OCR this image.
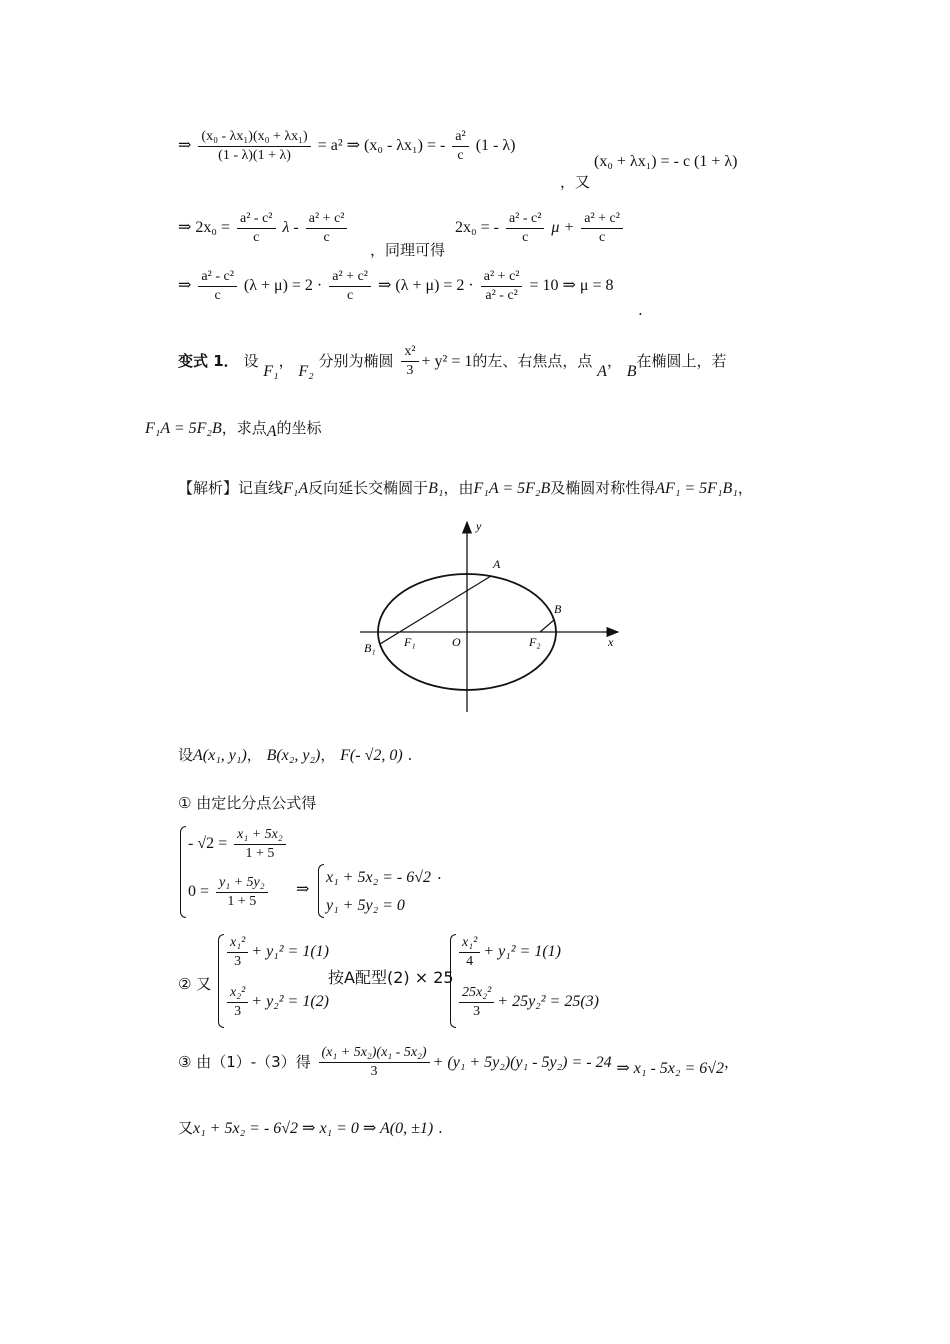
⇒ $\frac{\text{(x₀ - λx₁)(x₀ + λx₁)}}{(1 - \lambda)(1 + \lambda)} = a^2$ ⇒ (x₀ - λx₁) = - $\frac{\text{a²}}{c} (1 - \lambda)$
，又
(x₀ + λx₁) = - c (1 + λ)
⇒ $2x_0 = \frac{\text{a² - c²}}{c}$ λ - $\frac{\text{a² + c²}}{c}$
，同理可得
2x₀ = - $\frac{\text{a² - c²}}{c}$ $\mu + \frac{\text{a² + c²}}{c}$
⇒ $\frac{\text{a² - c²}}{c} (\lambda + \mu) = 2 \cdot \frac{\text{a² + c²}}{c}$ ⇒ $(\lambda + \mu) = 2 \cdot \frac{\text{a² + c²}}{\text{a² - c²}} = 10$ ⇒ μ = 8
.
变式 1． 设 F₁， F₂ 分别为椭圆 $\frac{\text{x²}}{3} + y^2 = 1$的左、右焦点，点 A， B在椭圆上，若
F₁A = 5F₂B，求点A的坐标
【解析】记直线F₁A反向延长交椭圆于B₁，由F₁A = 5F₂B及椭圆对称性得AF₁ = 5F₁B₁，
y
x
A
B
B₁ F₁	O	F₂
设A(x₁, y₁)， B(x₂, y₂)， F(- √2, 0) .
① 由定比分点公式得
- $√2 = \frac{\text{x₁ + 5x₂}}{1 + 5}$
$0 = \frac{\text{y₁ + 5y₂}}{1 + 5}$ ⇒
x₁ + 5x₂ = - 6√2 ·
y₁ + 5y₂ = 0
② 又
$\frac{\text{x₁²}}{3} + y_1^2 = 1(1)$
$\frac{\text{x₂²}}{3} + y_2^2 = 1(2)$
按A配型(2) × 25
$\frac{\text{x₁²}}{4} + y_1^2 = 1(1)$
$\frac{\text{25x₂²}}{3} + 25y_2^2 = 25(3)$
③ 由（1）-（3）得 $\frac{\text{(x₁ + 5x₂)(x₁ - 5x₂)}}{3} + (y_1 + 5y_2)(y_1 - 5y_2)$ = - 24 ⇒ x₁ - 5x₂ = 6√2，
又x₁ + 5x₂ = - 6√2 ⇒ x₁ = 0 ⇒ A(0, ±1) .
